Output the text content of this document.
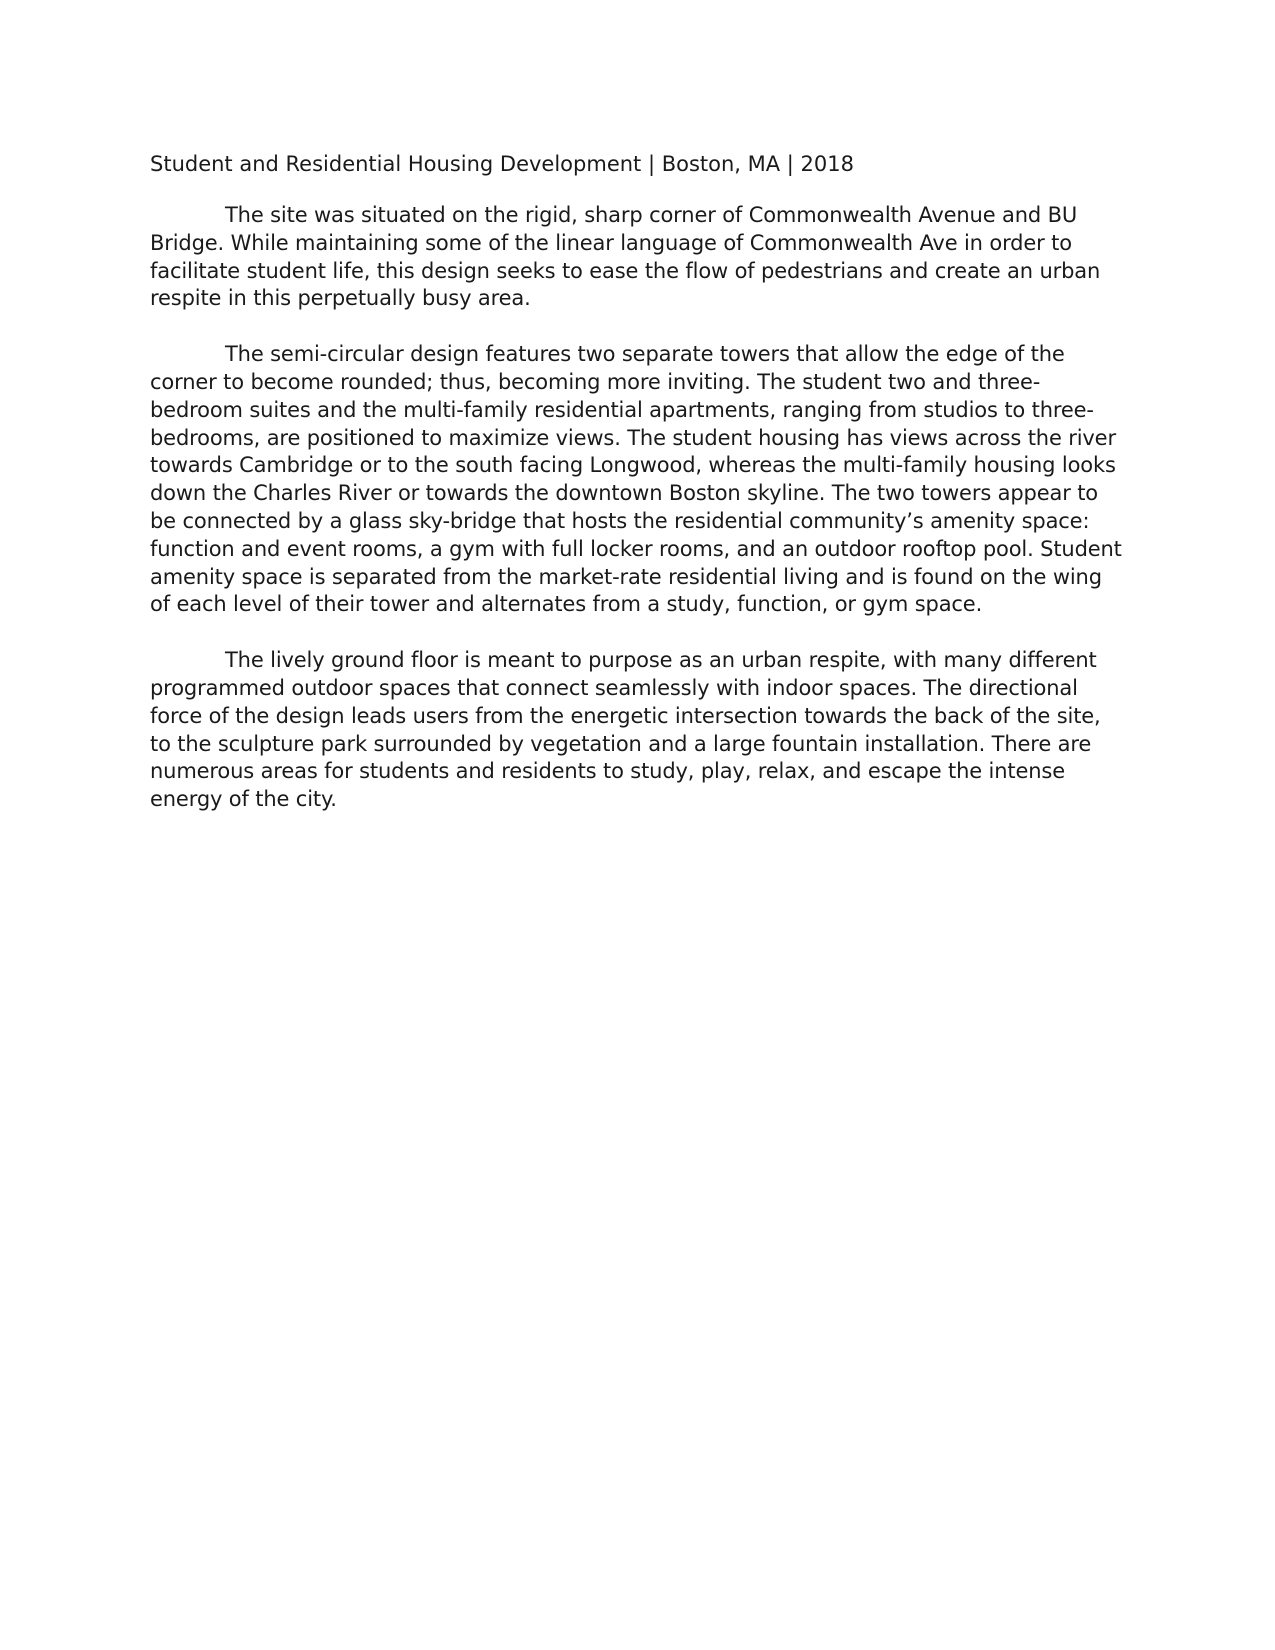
Student and Residential Housing Development | Boston, MA | 2018

The site was situated on the rigid, sharp corner of Commonwealth Avenue and BU Bridge. While maintaining some of the linear language of Commonwealth Ave in order to facilitate student life, this design seeks to ease the flow of pedestrians and create an urban respite in this perpetually busy area.

The semi-circular design features two separate towers that allow the edge of the corner to become rounded; thus, becoming more inviting. The student two and three-bedroom suites and the multi-family residential apartments, ranging from studios to three-bedrooms, are positioned to maximize views. The student housing has views across the river towards Cambridge or to the south facing Longwood, whereas the multi-family housing looks down the Charles River or towards the downtown Boston skyline. The two towers appear to be connected by a glass sky-bridge that hosts the residential community’s amenity space: function and event rooms, a gym with full locker rooms, and an outdoor rooftop pool. Student amenity space is separated from the market-rate residential living and is found on the wing of each level of their tower and alternates from a study, function, or gym space.

The lively ground floor is meant to purpose as an urban respite, with many different programmed outdoor spaces that connect seamlessly with indoor spaces. The directional force of the design leads users from the energetic intersection towards the back of the site, to the sculpture park surrounded by vegetation and a large fountain installation. There are numerous areas for students and residents to study, play, relax, and escape the intense energy of the city.
